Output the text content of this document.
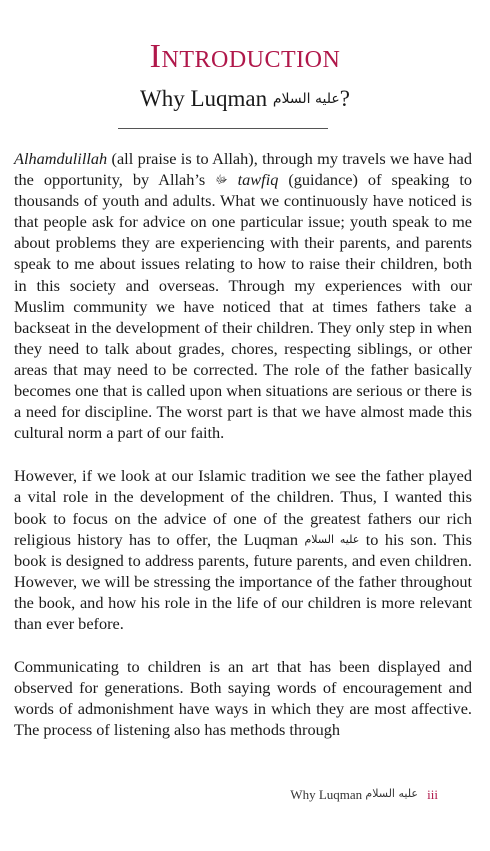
Introduction
Why Luqman عليه السلام?

Alhamdulillah (all praise is to Allah), through my travels we have had the opportunity, by Allah’s ﷻ tawfiq (guidance) of speaking to thousands of youth and adults. What we continuously have noticed is that people ask for advice on one particular issue; youth speak to me about problems they are experiencing with their parents, and parents speak to me about issues relating to how to raise their children, both in this society and overseas. Through my experiences with our Muslim community we have noticed that at times fathers take a backseat in the development of their children. They only step in when they need to talk about grades, chores, respecting siblings, or other areas that may need to be corrected. The role of the father basically becomes one that is called upon when situations are serious or there is a need for discipline. The worst part is that we have almost made this cultural norm a part of our faith.

However, if we look at our Islamic tradition we see the father played a vital role in the development of the children. Thus, I wanted this book to focus on the advice of one of the greatest fathers our rich religious history has to offer, the Luqman عليه السلام to his son. This book is designed to address parents, future parents, and even children. However, we will be stressing the importance of the father throughout the book, and how his role in the life of our children is more relevant than ever before.

Communicating to children is an art that has been displayed and observed for generations. Both saying words of encouragement and words of admonishment have ways in which they are most affective. The process of listening also has methods through

Why Luqman عليه السلام iii
